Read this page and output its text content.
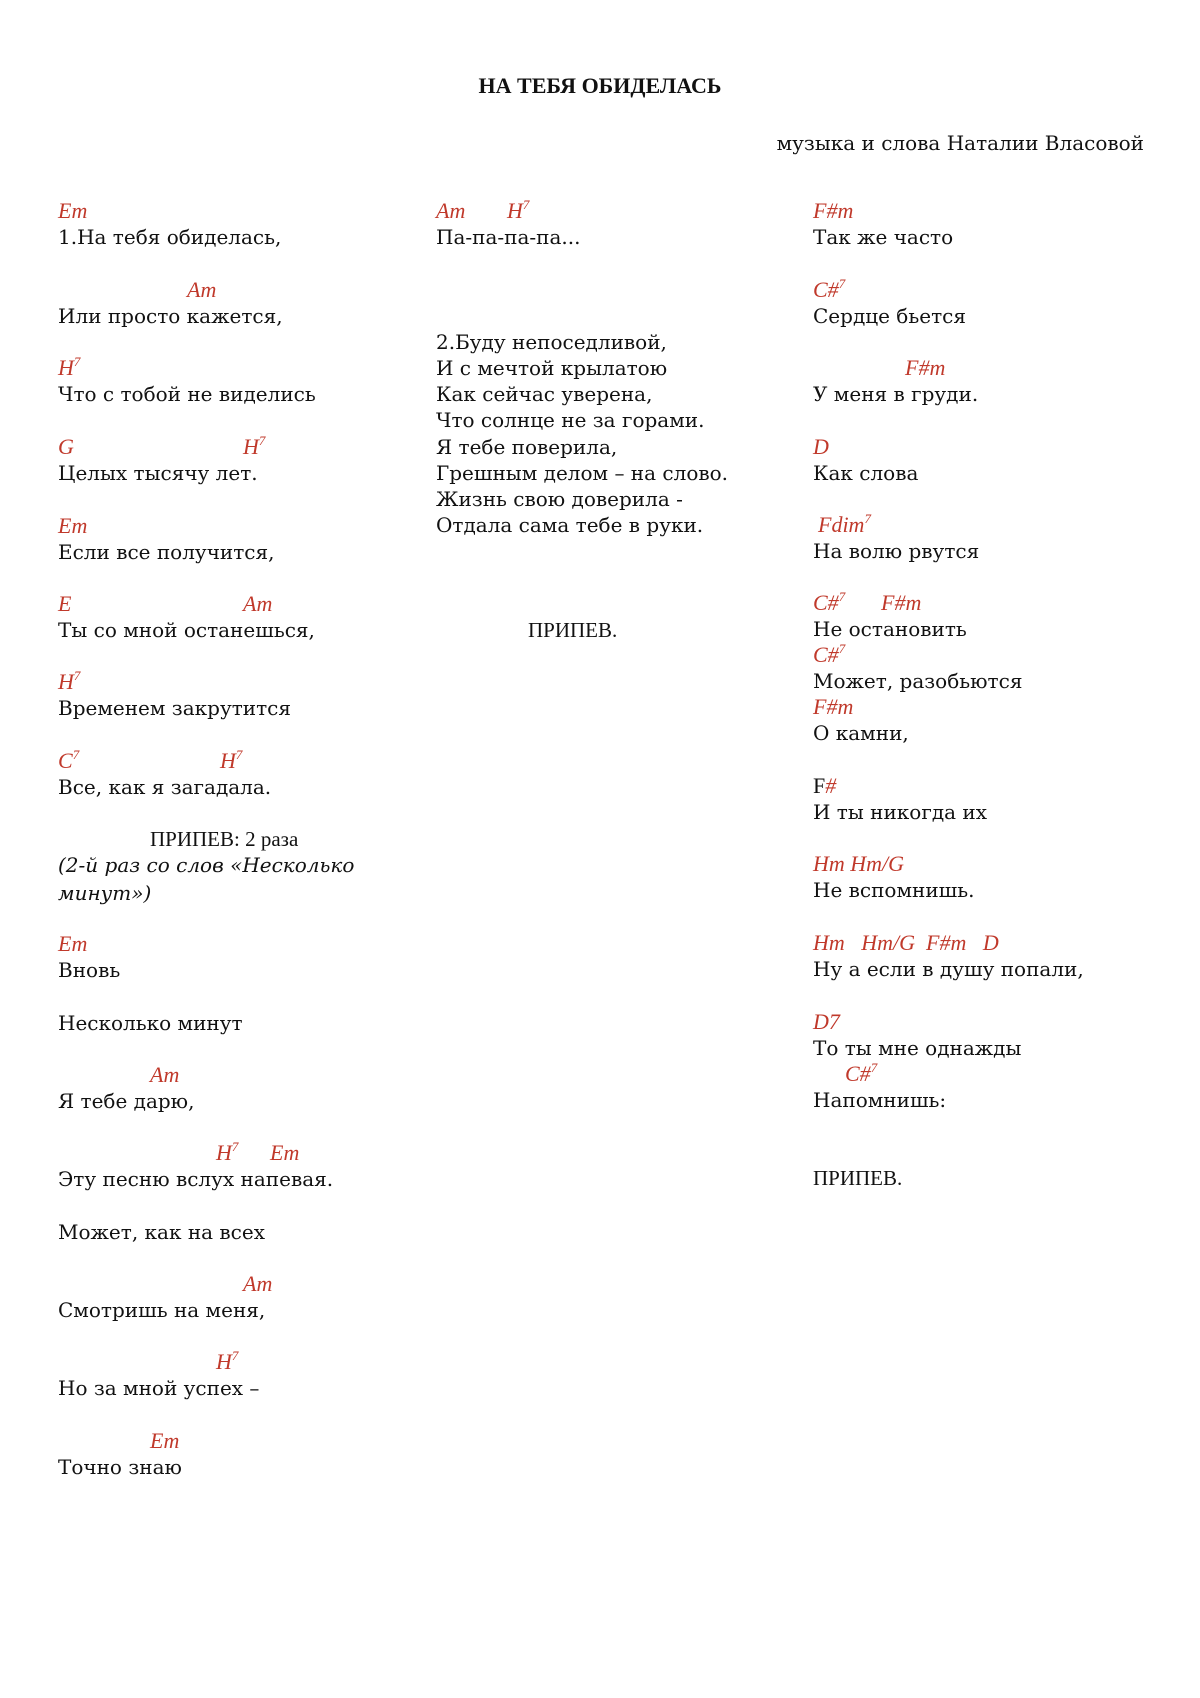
НА ТЕБЯ ОБИДЕЛАСЬ
музыка и слова Наталии Власовой
Em
1.На тебя обиделась,
Am
Или просто кажется,
$H^7$
Что с тобой не виделись
G	$H^7$
Целых тысячу лет.
Em
Если все получится,
E	Am
Ты со мной останешься,
$H^7$
Временем закрутится
$C^7$	$H^7$
Все, как я загадала.
ПРИПЕВ: 2 раза
(2-й раз со слов «Несколько минут»)
Em
Вновь
Несколько минут
Am
Я тебе дарю,
$H^7$ Em
Эту песню вслух напевая.
Может, как на всех
Am
Смотришь на меня,
$H^7$
Но за мной успех –
Em
Точно знаю
Am $H^7$
Па-па-па-па...
2.Буду непоседливой,
И с мечтой крылатою
Как сейчас уверена,
Что солнце не за горами.
Я тебе поверила,
Грешным делом – на слово.
Жизнь свою доверила -
Отдала сама тебе в руки.
ПРИПЕВ.
F#m
Так же часто
C#$^7$
Сердце бьется
F#m
У меня в груди.
D
Как слова
Fdim$^7$
На волю рвутся
C#$^7$ F#m
Не остановить
C#$^7$
Может, разобьются
F#m
О камни,
F#
И ты никогда их
Hm Hm/G
Не вспомнишь.
Hm   Hm/G  F#m   D
Ну а если в душу попали,
D7
То ты мне однажды
C#$^7$
Напомнишь:
ПРИПЕВ.
